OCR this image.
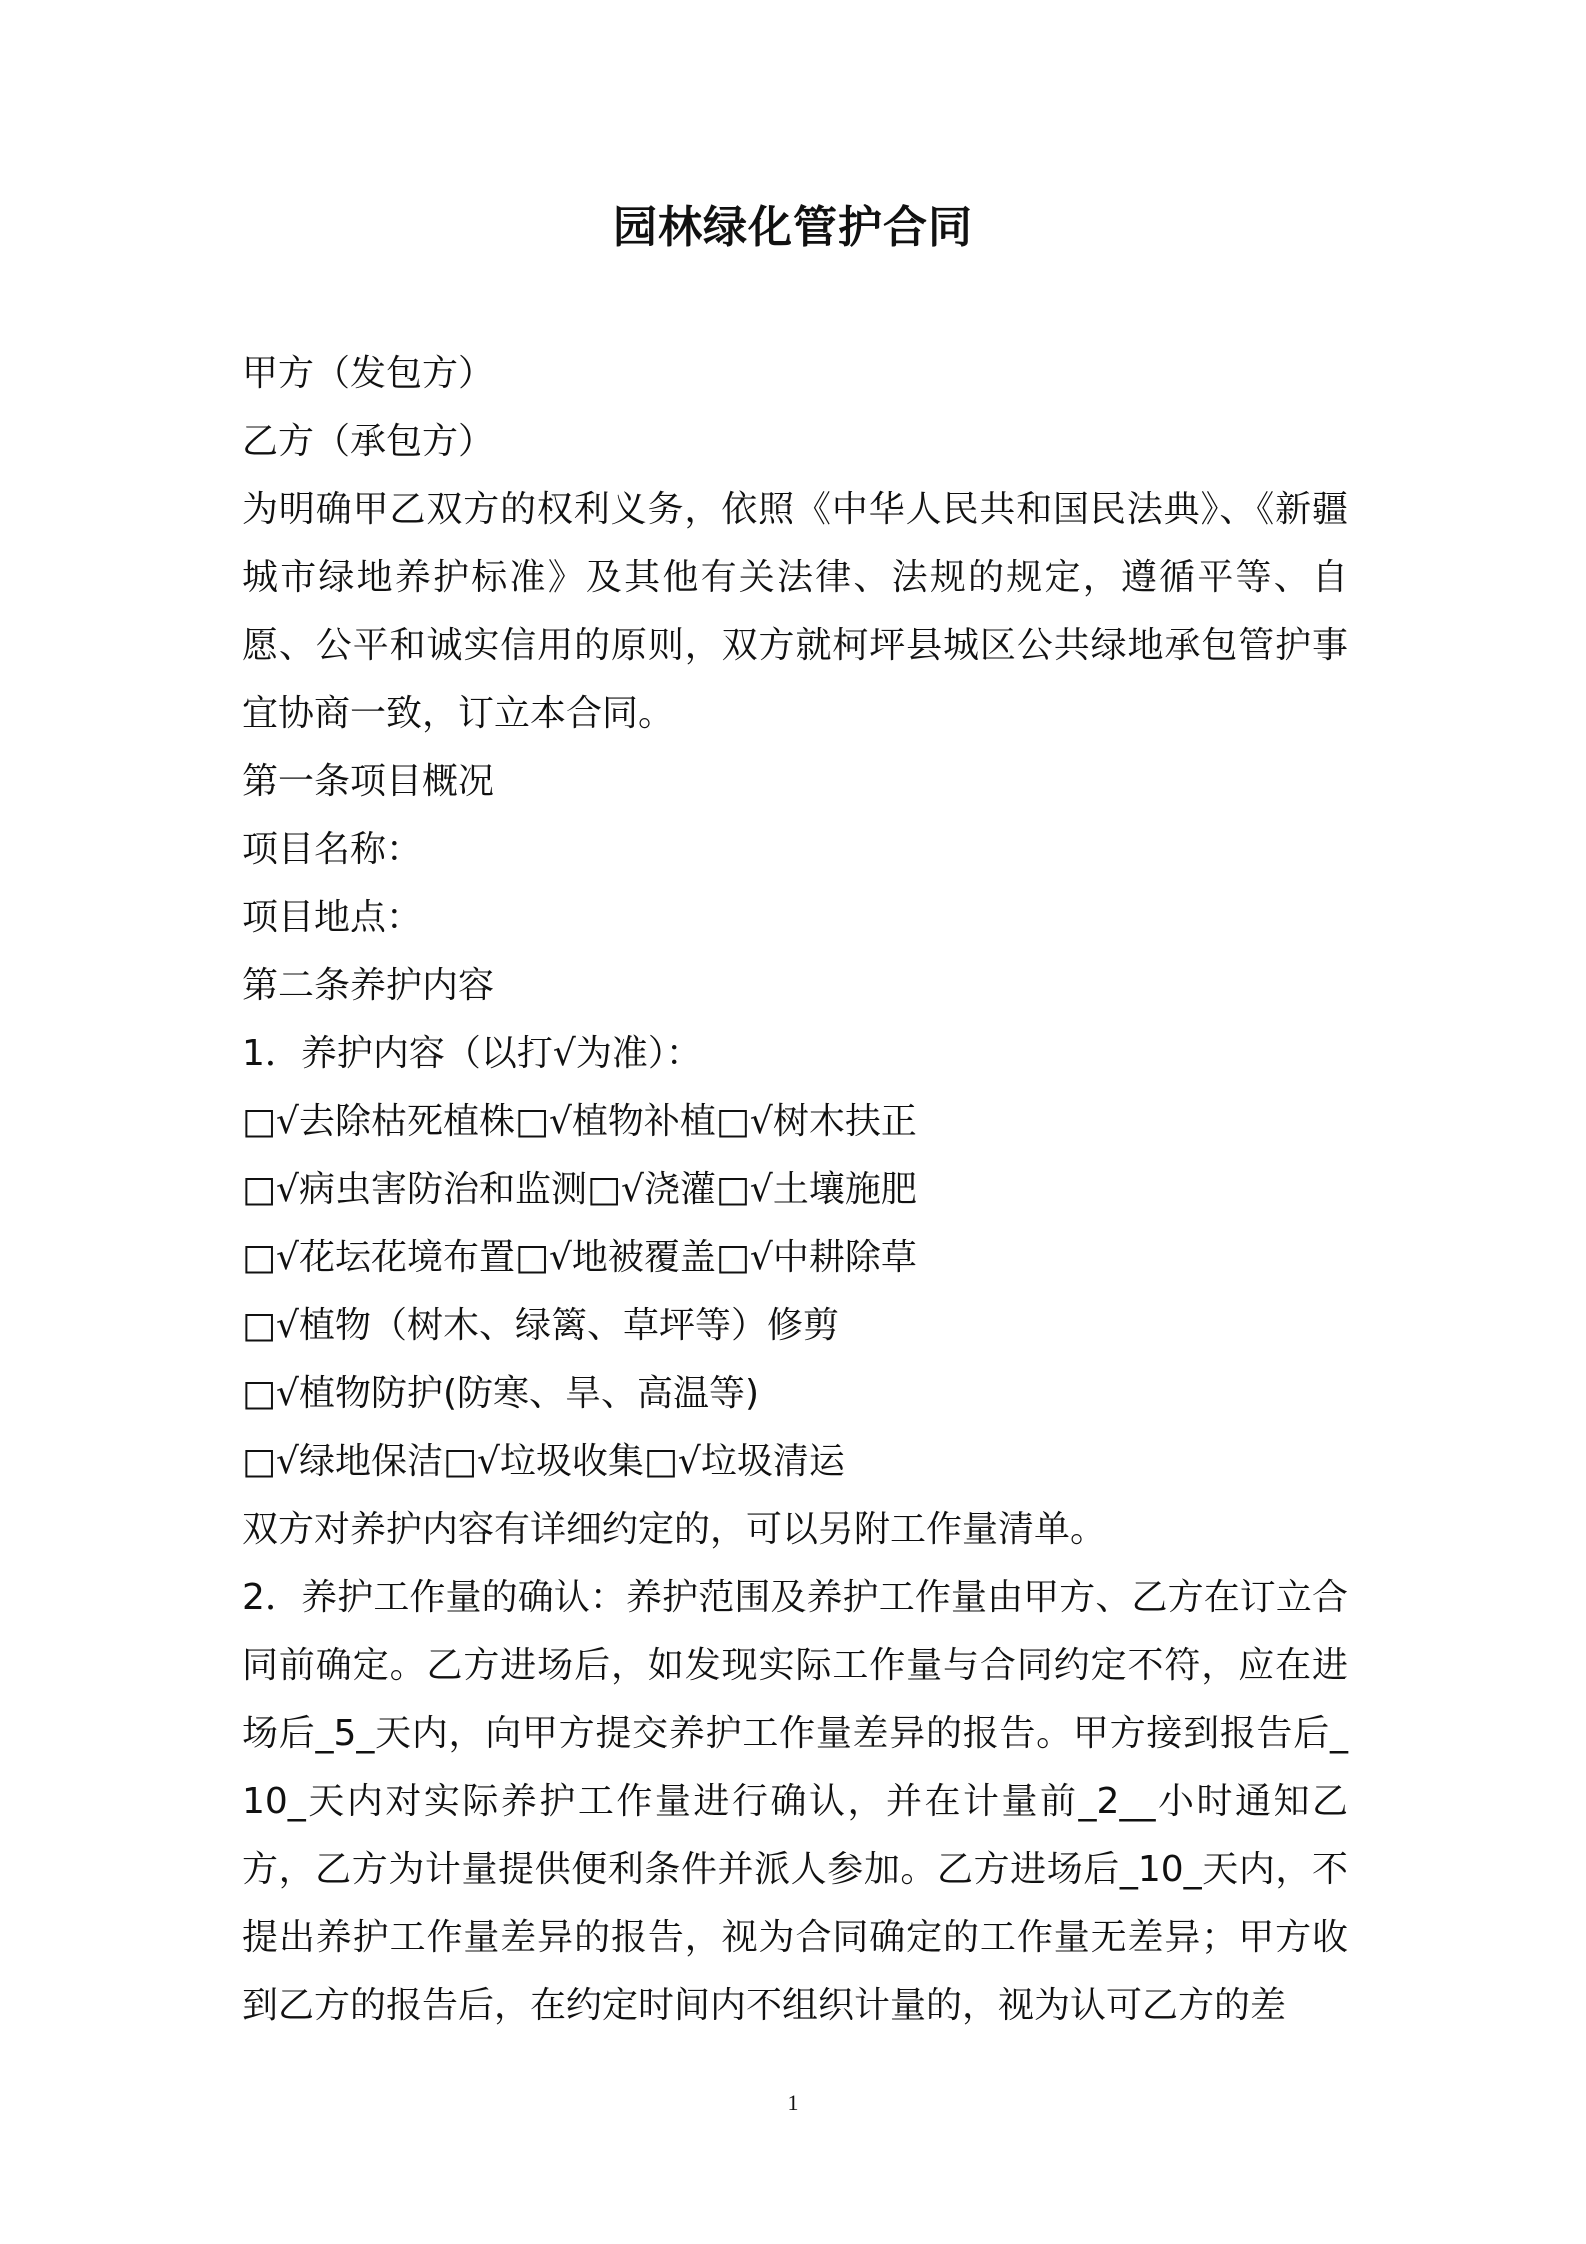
园林绿化管护合同
甲方（发包方）
乙方（承包方）
为明确甲乙双方的权利义务，依照《中华人民共和国民法典》、《新疆城市绿地养护标准》及其他有关法律、法规的规定，遵循平等、自愿、公平和诚实信用的原则，双方就柯坪县城区公共绿地承包管护事宜协商一致，订立本合同。
第一条项目概况
项目名称：
项目地点：
第二条养护内容
1．养护内容（以打√为准）：
□√去除枯死植株□√植物补植□√树木扶正
□√病虫害防治和监测□√浇灌□√土壤施肥
□√花坛花境布置□√地被覆盖□√中耕除草
□√植物（树木、绿篱、草坪等）修剪
□√植物防护(防寒、旱、高温等)
□√绿地保洁□√垃圾收集□√垃圾清运
双方对养护内容有详细约定的，可以另附工作量清单。
2．养护工作量的确认：养护范围及养护工作量由甲方、乙方在订立合同前确定。乙方进场后，如发现实际工作量与合同约定不符，应在进场后_5_天内，向甲方提交养护工作量差异的报告。甲方接到报告后_10_天内对实际养护工作量进行确认，并在计量前_2__小时通知乙方，乙方为计量提供便利条件并派人参加。乙方进场后_10_天内，不提出养护工作量差异的报告，视为合同确定的工作量无差异；甲方收到乙方的报告后，在约定时间内不组织计量的，视为认可乙方的差
1
